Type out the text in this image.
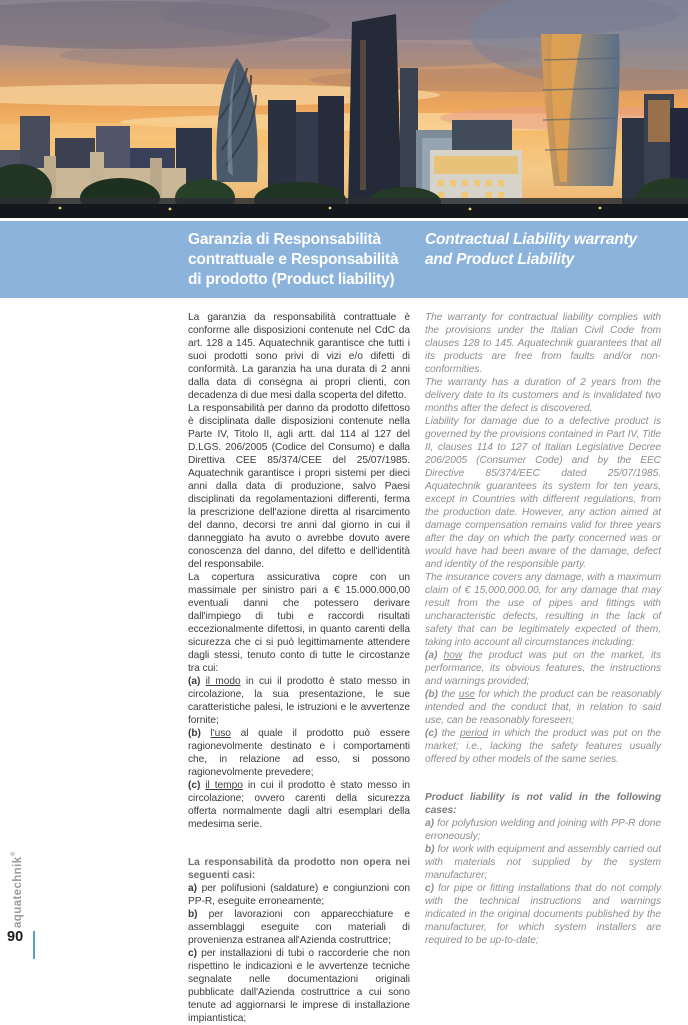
Garanzia di Responsabilità
contrattuale e Responsabilità
di prodotto (Product liability)
Contractual Liability warranty
and Product Liability

La garanzia da responsabilità contrattuale è conforme alle disposizioni contenute nel CdC da art. 128 a 145. Aquatechnik garantisce che tutti i suoi prodotti sono privi di vizi e/o difetti di conformità. La garanzia ha una durata di 2 anni dalla data di consegna ai propri clienti, con decadenza di due mesi dalla scoperta del difetto.

La responsabilità per danno da prodotto difettoso è disciplinata dalle disposizioni contenute nella Parte IV, Titolo II, agli artt. dal 114 al 127 del D.LGS. 206/2005 (Codice del Consumo) e dalla Direttiva CEE 85/374/CEE del 25/07/1985. Aquatechnik garantisce i propri sistemi per dieci anni dalla data di produzione, salvo Paesi disciplinati da regolamentazioni differenti, ferma la prescrizione dell'azione diretta al risarcimento del danno, decorsi tre anni dal giorno in cui il danneggiato ha avuto o avrebbe dovuto avere conoscenza del danno, del difetto e dell'identità del responsabile.

La copertura assicurativa copre con un massimale per sinistro pari a € 15.000.000,00 eventuali danni che potessero derivare dall'impiego di tubi e raccordi risultati eccezionalmente difettosi, in quanto carenti della sicurezza che ci si può legittimamente attendere dagli stessi, tenuto conto di tutte le circostanze tra cui:

(a) il modo in cui il prodotto è stato messo in circolazione, la sua presentazione, le sue caratteristiche palesi, le istruzioni e le avvertenze fornite;

(b) l'uso al quale il prodotto può essere ragionevolmente destinato e i comportamenti che, in relazione ad esso, si possono ragionevolmente prevedere;

(c) il tempo in cui il prodotto è stato messo in circolazione; ovvero carenti della sicurezza offerta normalmente dagli altri esemplari della medesima serie.

La responsabilità da prodotto non opera nei seguenti casi:

a) per polifusioni (saldature) e congiunzioni con PP-R, eseguite erroneamente;

b) per lavorazioni con apparecchiature e assemblaggi eseguite con materiali di provenienza estranea all'Azienda costruttrice;

c) per installazioni di tubi o raccorderie che non rispettino le indicazioni e le avvertenze tecniche segnalate nelle documentazioni originali pubblicate dall'Azienda costruttrice a cui sono tenute ad aggiornarsi le imprese di installazione impiantistica;

The warranty for contractual liability complies with the provisions under the Italian Civil Code from clauses 128 to 145. Aquatechnik guarantees that all its products are free from faults and/or non-conformities.

The warranty has a duration of 2 years from the delivery date to its customers and is invalidated two months after the defect is discovered.

Liability for damage due to a defective product is governed by the provisions contained in Part IV, Title II, clauses 114 to 127 of Italian Legislative Decree 206/2005 (Consumer Code) and by the EEC Directive 85/374/EEC dated 25/07/1985. Aquatechnik guarantees its system for ten years, except in Countries with different regulations, from the production date. However, any action aimed at damage compensation remains valid for three years after the day on which the party concerned was or would have had been aware of the damage, defect and identity of the responsible party.

The insurance covers any damage, with a maximum claim of € 15,000,000.00, for any damage that may result from the use of pipes and fittings with uncharacteristic defects, resulting in the lack of safety that can be legitimately expected of them, taking into account all circumstances including:

(a) how the product was put on the market, its performance, its obvious features, the instructions and warnings provided;

(b) the use for which the product can be reasonably intended and the conduct that, in relation to said use, can be reasonably foreseen;

(c) the period in which the product was put on the market; i.e., lacking the safety features usually offered by other models of the same series.

Product liability is not valid in the following cases:

a) for polyfusion welding and joining with PP-R done erroneously;

b) for work with equipment and assembly carried out with materials not supplied by the system manufacturer;

c) for pipe or fitting installations that do not comply with the technical instructions and warnings indicated in the original documents published by the manufacturer, for which system installers are required to be up-to-date;

aquatechnik®
90
